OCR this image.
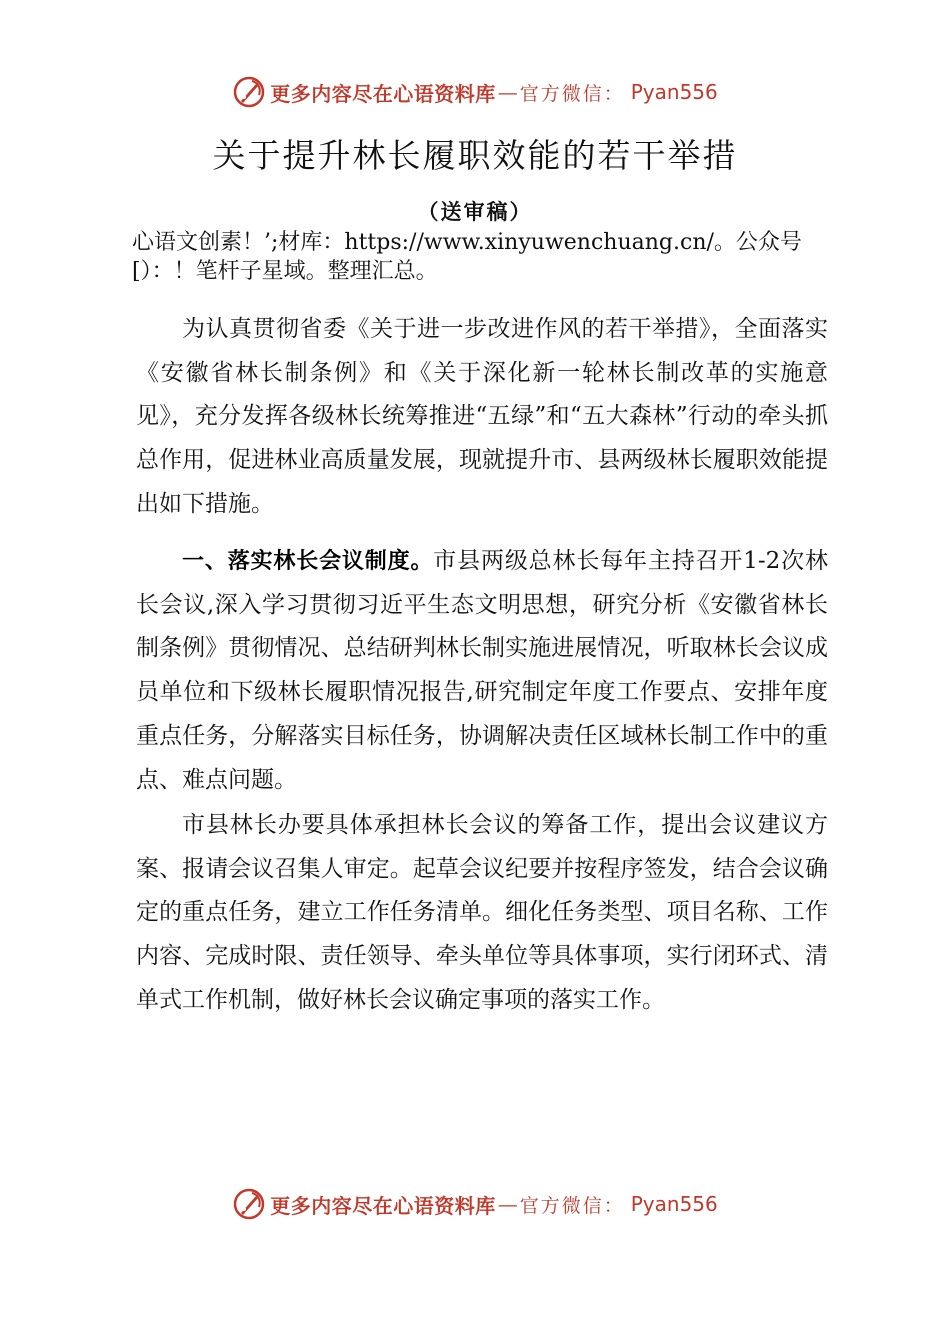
更多内容尽在心语资料库 — 官方微信： Pyan556
关于提升林长履职效能的若干举措
（送审稿）
心语文创素！’;材库：https://www.xinyuwenchuang.cn/。公众号[）：！笔杆子星域。整理汇总。

为认真贯彻省委《关于进一步改进作风的若干举措》，全面落实《安徽省林长制条例》和《关于深化新一轮林长制改革的实施意见》，充分发挥各级林长统筹推进“五绿”和“五大森林”行动的牵头抓总作用，促进林业高质量发展，现就提升市、县两级林长履职效能提出如下措施。

一、落实林长会议制度。市县两级总林长每年主持召开1-2次林长会议,深入学习贯彻习近平生态文明思想，研究分析《安徽省林长制条例》贯彻情况、总结研判林长制实施进展情况，听取林长会议成员单位和下级林长履职情况报告,研究制定年度工作要点、安排年度重点任务，分解落实目标任务，协调解决责任区域林长制工作中的重点、难点问题。

市县林长办要具体承担林长会议的筹备工作，提出会议建议方案、报请会议召集人审定。起草会议纪要并按程序签发，结合会议确定的重点任务，建立工作任务清单。细化任务类型、项目名称、工作内容、完成时限、责任领导、牵头单位等具体事项，实行闭环式、清单式工作机制，做好林长会议确定事项的落实工作。

更多内容尽在心语资料库 — 官方微信： Pyan556
